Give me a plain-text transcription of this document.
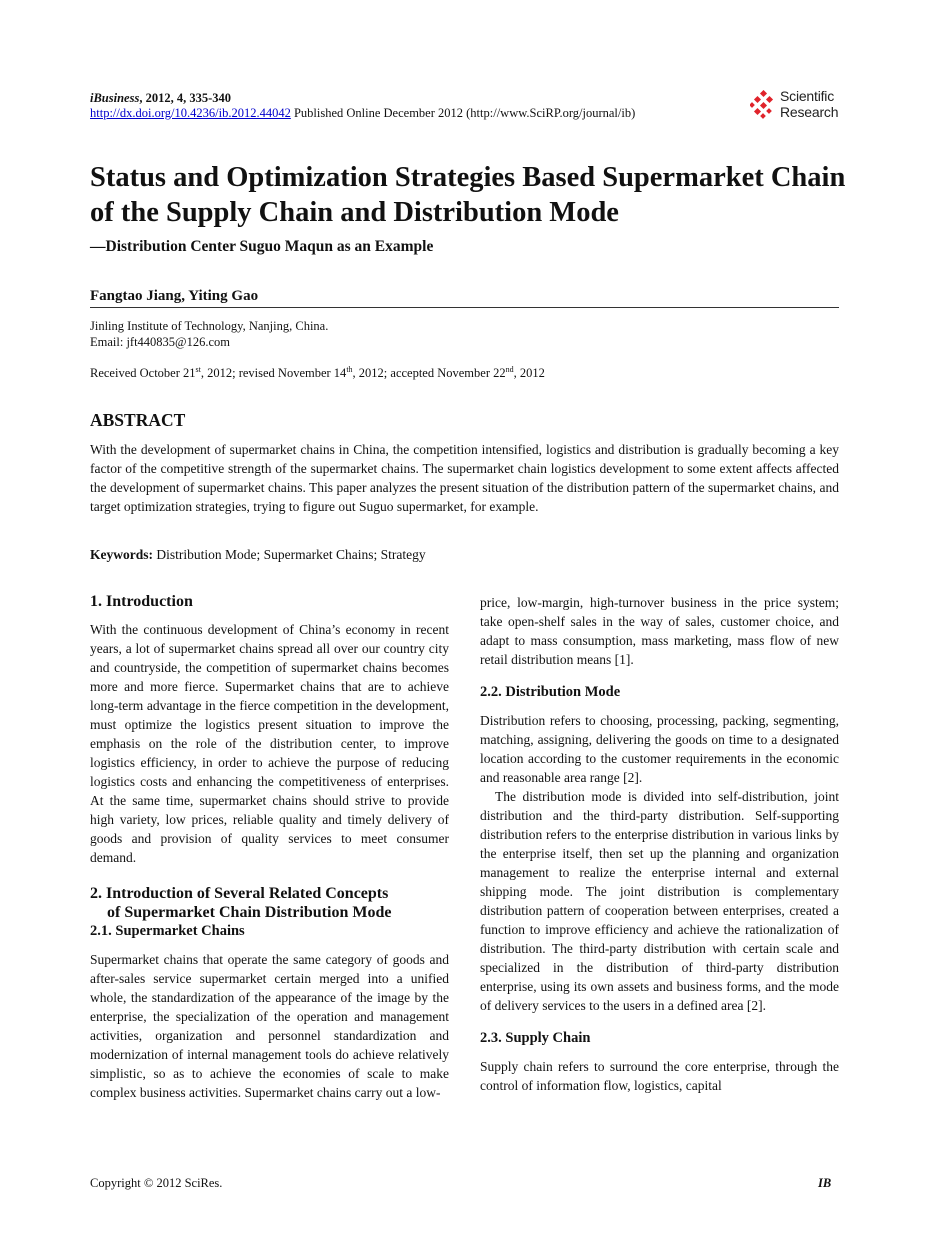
iBusiness, 2012, 4, 335-340
http://dx.doi.org/10.4236/ib.2012.44042 Published Online December 2012 (http://www.SciRP.org/journal/ib)
Scientific
Research
Status and Optimization Strategies Based Supermarket Chain of the Supply Chain and Distribution Mode
—Distribution Center Suguo Maqun as an Example
Fangtao Jiang, Yiting Gao
Jinling Institute of Technology, Nanjing, China.
Email: jft440835@126.com
Received October 21st, 2012; revised November 14th, 2012; accepted November 22nd, 2012
ABSTRACT
With the development of supermarket chains in China, the competition intensified, logistics and distribution is gradually becoming a key factor of the competitive strength of the supermarket chains. The supermarket chain logistics development to some extent affects affected the development of supermarket chains. This paper analyzes the present situation of the distribution pattern of the supermarket chains, and target optimization strategies, trying to figure out Suguo supermarket, for example.
Keywords: Distribution Mode; Supermarket Chains; Strategy
1. Introduction

With the continuous development of China’s economy in recent years, a lot of supermarket chains spread all over our country city and countryside, the competition of supermarket chains becomes more and more fierce. Supermarket chains that are to achieve long-term advantage in the fierce competition in the development, must optimize the logistics present situation to improve the emphasis on the role of the distribution center, to improve logistics efficiency, in order to achieve the purpose of reducing logistics costs and enhancing the competitiveness of enterprises. At the same time, supermarket chains should strive to provide high variety, low prices, reliable quality and timely delivery of goods and provision of quality services to meet consumer demand.

2. Introduction of Several Related Concepts
of Supermarket Chain Distribution Mode
2.1. Supermarket Chains

Supermarket chains that operate the same category of goods and after-sales service supermarket certain merged into a unified whole, the standardization of the appearance of the image by the enterprise, the specialization of the operation and management activities, organization and personnel standardization and modernization of internal management tools do achieve relatively simplistic, so as to achieve the economies of scale to make complex business activities. Supermarket chains carry out a low-

price, low-margin, high-turnover business in the price system; take open-shelf sales in the way of sales, customer choice, and adapt to mass consumption, mass marketing, mass flow of new retail distribution means [1].

2.2. Distribution Mode

Distribution refers to choosing, processing, packing, segmenting, matching, assigning, delivering the goods on time to a designated location according to the customer requirements in the economic and reasonable area range [2].

The distribution mode is divided into self-distribution, joint distribution and the third-party distribution. Self-supporting distribution refers to the enterprise distribution in various links by the enterprise itself, then set up the planning and organization management to realize the enterprise internal and external shipping mode. The joint distribution is complementary distribution pattern of cooperation between enterprises, created a function to improve efficiency and achieve the rationalization of distribution. The third-party distribution with certain scale and specialized in the distribution of third-party distribution enterprise, using its own assets and business forms, and the mode of delivery services to the users in a defined area [2].

2.3. Supply Chain

Supply chain refers to surround the core enterprise, through the control of information flow, logistics, capital

Copyright © 2012 SciRes.	IB
